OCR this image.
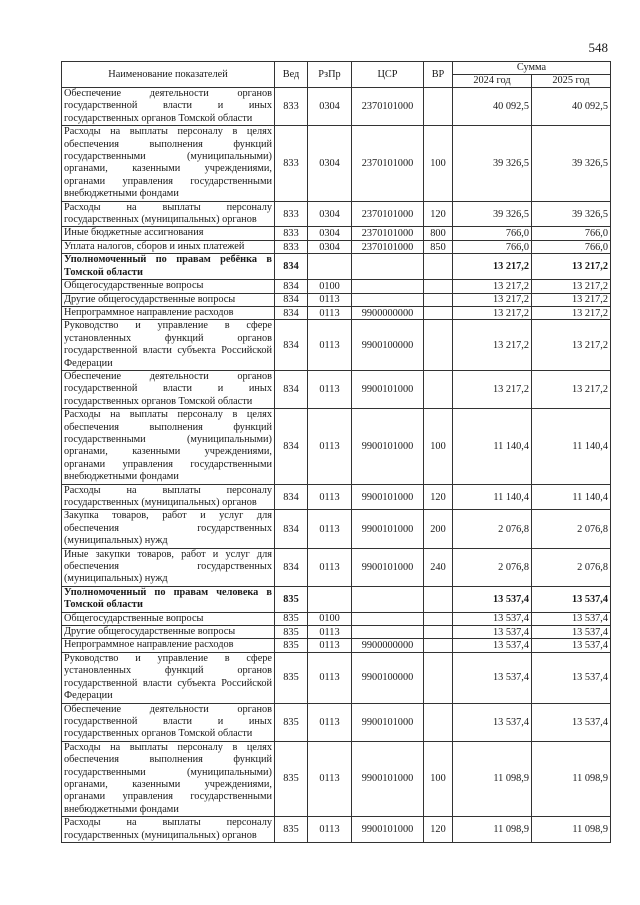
548
Наименование показателей	Вед	РзПр	ЦСР	ВР	Сумма	
					2024 год	2025 год
Обеспечение деятельности органов государственной власти и иных государственных органов Томской области	833	0304	2370101000		40 092,5	40 092,5
Расходы на выплаты персоналу в целях обеспечения выполнения функций государственными (муниципальными) органами, казенными учреждениями, органами управления государственными внебюджетными фондами	833	0304	2370101000	100	39 326,5	39 326,5
Расходы на выплаты персоналу государственных (муниципальных) органов	833	0304	2370101000	120	39 326,5	39 326,5
Иные бюджетные ассигнования	833	0304	2370101000	800	766,0	766,0
Уплата налогов, сборов и иных платежей	833	0304	2370101000	850	766,0	766,0
Уполномоченный по правам ребёнка в Томской области	834				13 217,2	13 217,2
Общегосударственные вопросы	834	0100			13 217,2	13 217,2
Другие общегосударственные вопросы	834	0113			13 217,2	13 217,2
Непрограммное направление расходов	834	0113	9900000000		13 217,2	13 217,2
Руководство и управление в сфере установленных функций органов государственной власти субъекта Российской Федерации	834	0113	9900100000		13 217,2	13 217,2
Обеспечение деятельности органов государственной власти и иных государственных органов Томской области	834	0113	9900101000		13 217,2	13 217,2
Расходы на выплаты персоналу в целях обеспечения выполнения функций государственными (муниципальными) органами, казенными учреждениями, органами управления государственными внебюджетными фондами	834	0113	9900101000	100	11 140,4	11 140,4
Расходы на выплаты персоналу государственных (муниципальных) органов	834	0113	9900101000	120	11 140,4	11 140,4
Закупка товаров, работ и услуг для обеспечения государственных (муниципальных) нужд	834	0113	9900101000	200	2 076,8	2 076,8
Иные закупки товаров, работ и услуг для обеспечения государственных (муниципальных) нужд	834	0113	9900101000	240	2 076,8	2 076,8
Уполномоченный по правам человека в Томской области	835				13 537,4	13 537,4
Общегосударственные вопросы	835	0100			13 537,4	13 537,4
Другие общегосударственные вопросы	835	0113			13 537,4	13 537,4
Непрограммное направление расходов	835	0113	9900000000		13 537,4	13 537,4
Руководство и управление в сфере установленных функций органов государственной власти субъекта Российской Федерации	835	0113	9900100000		13 537,4	13 537,4
Обеспечение деятельности органов государственной власти и иных государственных органов Томской области	835	0113	9900101000		13 537,4	13 537,4
Расходы на выплаты персоналу в целях обеспечения выполнения функций государственными (муниципальными) органами, казенными учреждениями, органами управления государственными внебюджетными фондами	835	0113	9900101000	100	11 098,9	11 098,9
Расходы на выплаты персоналу государственных (муниципальных) органов	835	0113	9900101000	120	11 098,9	11 098,9
